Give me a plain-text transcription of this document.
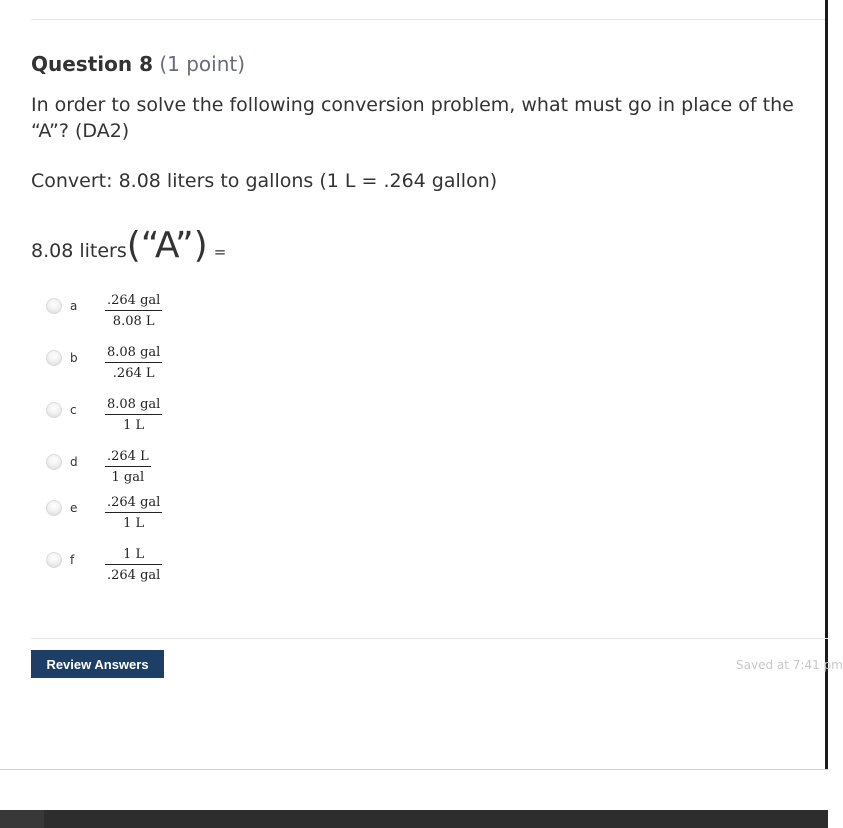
Question 8 (1 point)
In order to solve the following conversion problem, what must go in place of the “A”? (DA2)
Convert: 8.08 liters to gallons (1 L = .264 gallon)
8.08 liters(“A”) =
a .264 gal
8.08 L
b 8.08 gal
.264 L
c 8.08 gal
1 L
d .264 L
1 gal
e .264 gal
1 L
f	1 L
.264 gal
Review Answers	Saved at 7:41 pm
